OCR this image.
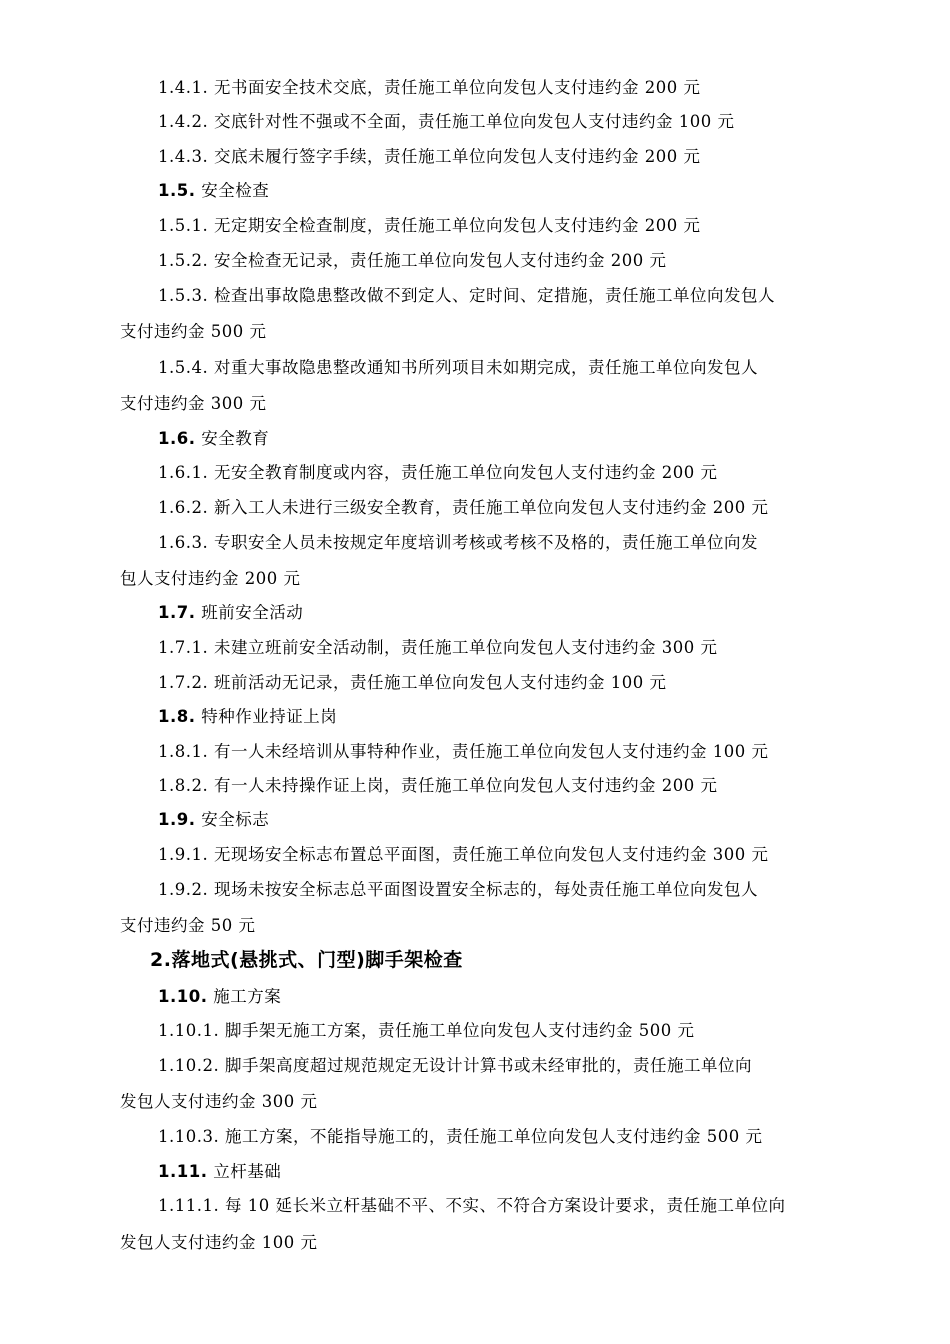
1.4.1. 无书面安全技术交底，责任施工单位向发包人支付违约金 200 元
1.4.2. 交底针对性不强或不全面，责任施工单位向发包人支付违约金 100 元
1.4.3. 交底未履行签字手续，责任施工单位向发包人支付违约金 200 元
1.5. 安全检查
1.5.1. 无定期安全检查制度，责任施工单位向发包人支付违约金 200 元
1.5.2. 安全检查无记录，责任施工单位向发包人支付违约金 200 元
1.5.3. 检查出事故隐患整改做不到定人、定时间、定措施，责任施工单位向发包人
支付违约金 500 元
1.5.4. 对重大事故隐患整改通知书所列项目未如期完成，责任施工单位向发包人
支付违约金 300 元
1.6. 安全教育
1.6.1. 无安全教育制度或内容，责任施工单位向发包人支付违约金 200 元
1.6.2. 新入工人未进行三级安全教育，责任施工单位向发包人支付违约金 200 元
1.6.3. 专职安全人员未按规定年度培训考核或考核不及格的，责任施工单位向发
包人支付违约金 200 元
1.7. 班前安全活动
1.7.1. 未建立班前安全活动制，责任施工单位向发包人支付违约金 300 元
1.7.2. 班前活动无记录，责任施工单位向发包人支付违约金 100 元
1.8. 特种作业持证上岗
1.8.1. 有一人未经培训从事特种作业，责任施工单位向发包人支付违约金 100 元
1.8.2. 有一人未持操作证上岗，责任施工单位向发包人支付违约金 200 元
1.9. 安全标志
1.9.1. 无现场安全标志布置总平面图，责任施工单位向发包人支付违约金 300 元
1.9.2. 现场未按安全标志总平面图设置安全标志的，每处责任施工单位向发包人
支付违约金 50 元
2.落地式(悬挑式、门型)脚手架检查
1.10. 施工方案
1.10.1. 脚手架无施工方案，责任施工单位向发包人支付违约金 500 元
1.10.2. 脚手架高度超过规范规定无设计计算书或未经审批的，责任施工单位向
发包人支付违约金 300 元
1.10.3. 施工方案，不能指导施工的，责任施工单位向发包人支付违约金 500 元
1.11. 立杆基础
1.11.1. 每 10 延长米立杆基础不平、不实、不符合方案设计要求，责任施工单位向
发包人支付违约金 100 元
